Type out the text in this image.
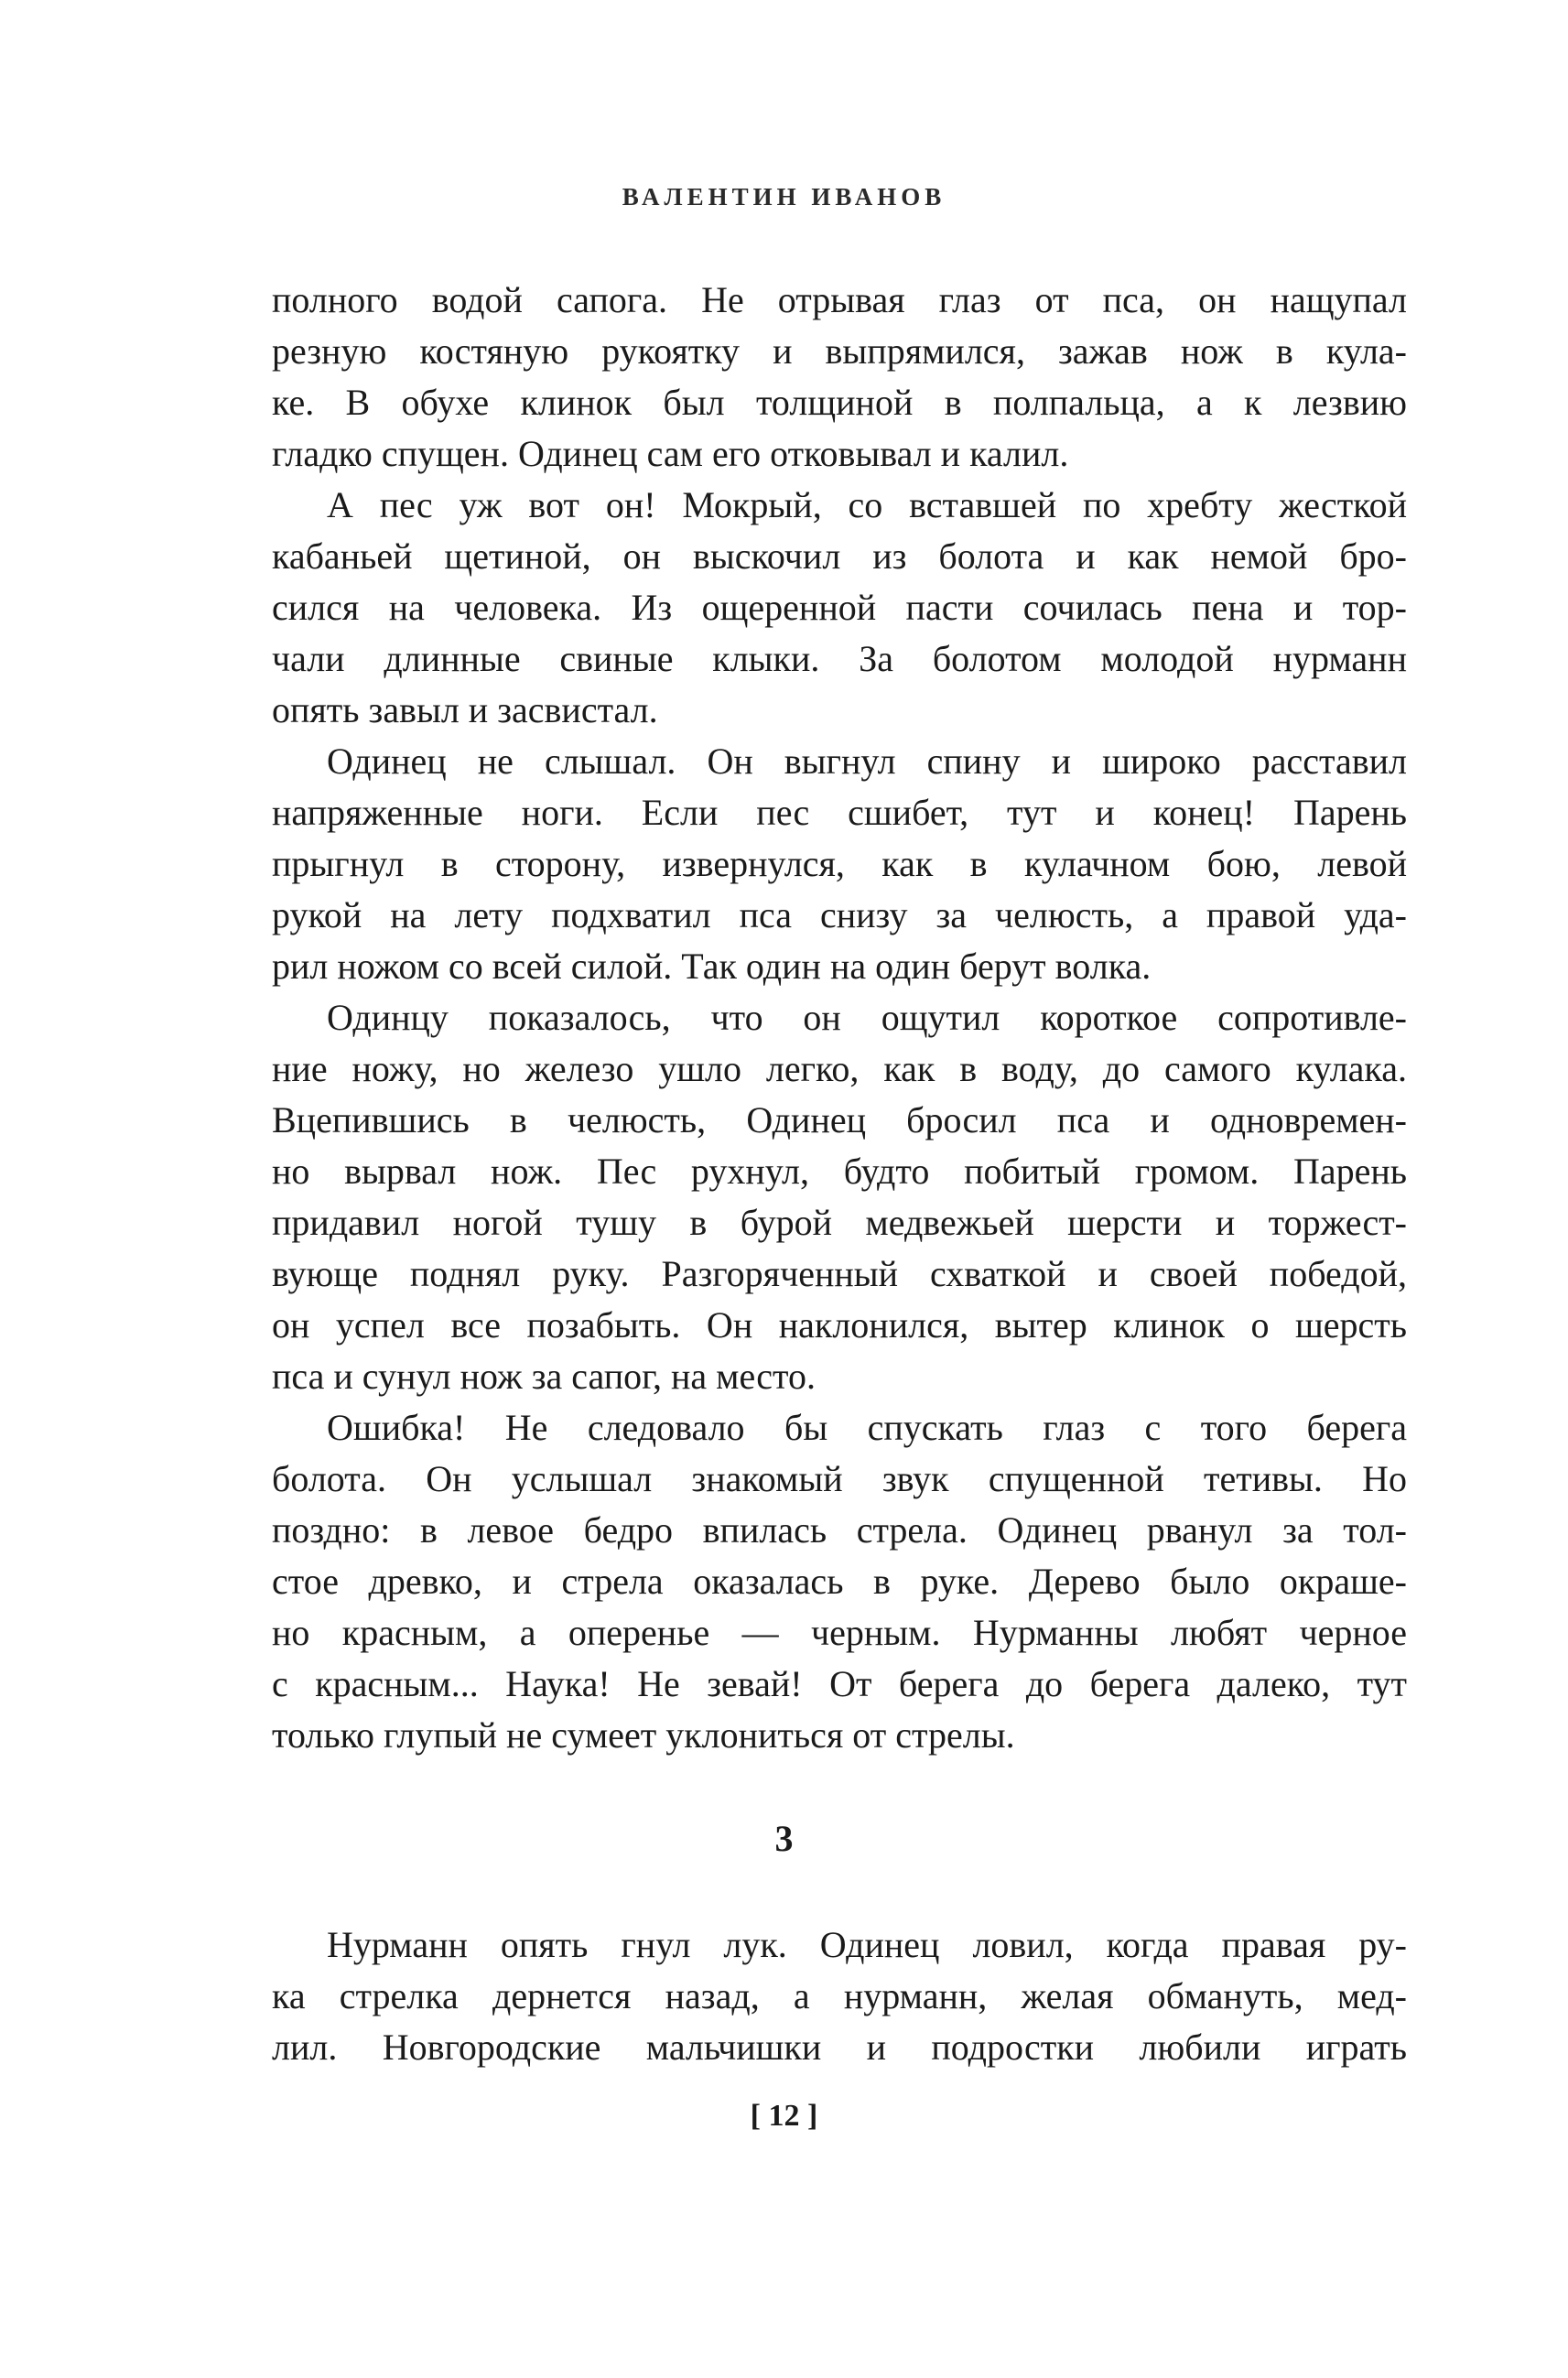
ВАЛЕНТИН ИВАНОВ
полного водой сапога. Не отрывая глаз от пса, он нащупал
резную костяную рукоятку и выпрямился, зажав нож в кула-
ке. В обухе клинок был толщиной в полпальца, а к лезвию
гладко спущен. Одинец сам его отковывал и калил.
А пес уж вот он! Мокрый, со вставшей по хребту жесткой
кабаньей щетиной, он выскочил из болота и как немой бро-
сился на человека. Из ощеренной пасти сочилась пена и тор-
чали длинные свиные клыки. За болотом молодой нурманн
опять завыл и засвистал.
Одинец не слышал. Он выгнул спину и широко расставил
напряженные ноги. Если пес сшибет, тут и конец! Парень
прыгнул в сторону, извернулся, как в кулачном бою, левой
рукой на лету подхватил пса снизу за челюсть, а правой уда-
рил ножом со всей силой. Так один на один берут волка.
Одинцу показалось, что он ощутил короткое сопротивле-
ние ножу, но железо ушло легко, как в воду, до самого кулака.
Вцепившись в челюсть, Одинец бросил пса и одновремен-
но вырвал нож. Пес рухнул, будто побитый громом. Парень
придавил ногой тушу в бурой медвежьей шерсти и торжест-
вующе поднял руку. Разгоряченный схваткой и своей победой,
он успел все позабыть. Он наклонился, вытер клинок о шерсть
пса и сунул нож за сапог, на место.
Ошибка! Не следовало бы спускать глаз с того берега
болота. Он услышал знакомый звук спущенной тетивы. Но
поздно: в левое бедро впилась стрела. Одинец рванул за тол-
стое древко, и стрела оказалась в руке. Дерево было окраше-
но красным, а оперенье — черным. Нурманны любят черное
с красным... Наука! Не зевай! От берега до берега далеко, тут
только глупый не сумеет уклониться от стрелы.
3
Нурманн опять гнул лук. Одинец ловил, когда правая ру-
ка стрелка дернется назад, а нурманн, желая обмануть, мед-
лил. Новгородские мальчишки и подростки любили играть
[ 12 ]
